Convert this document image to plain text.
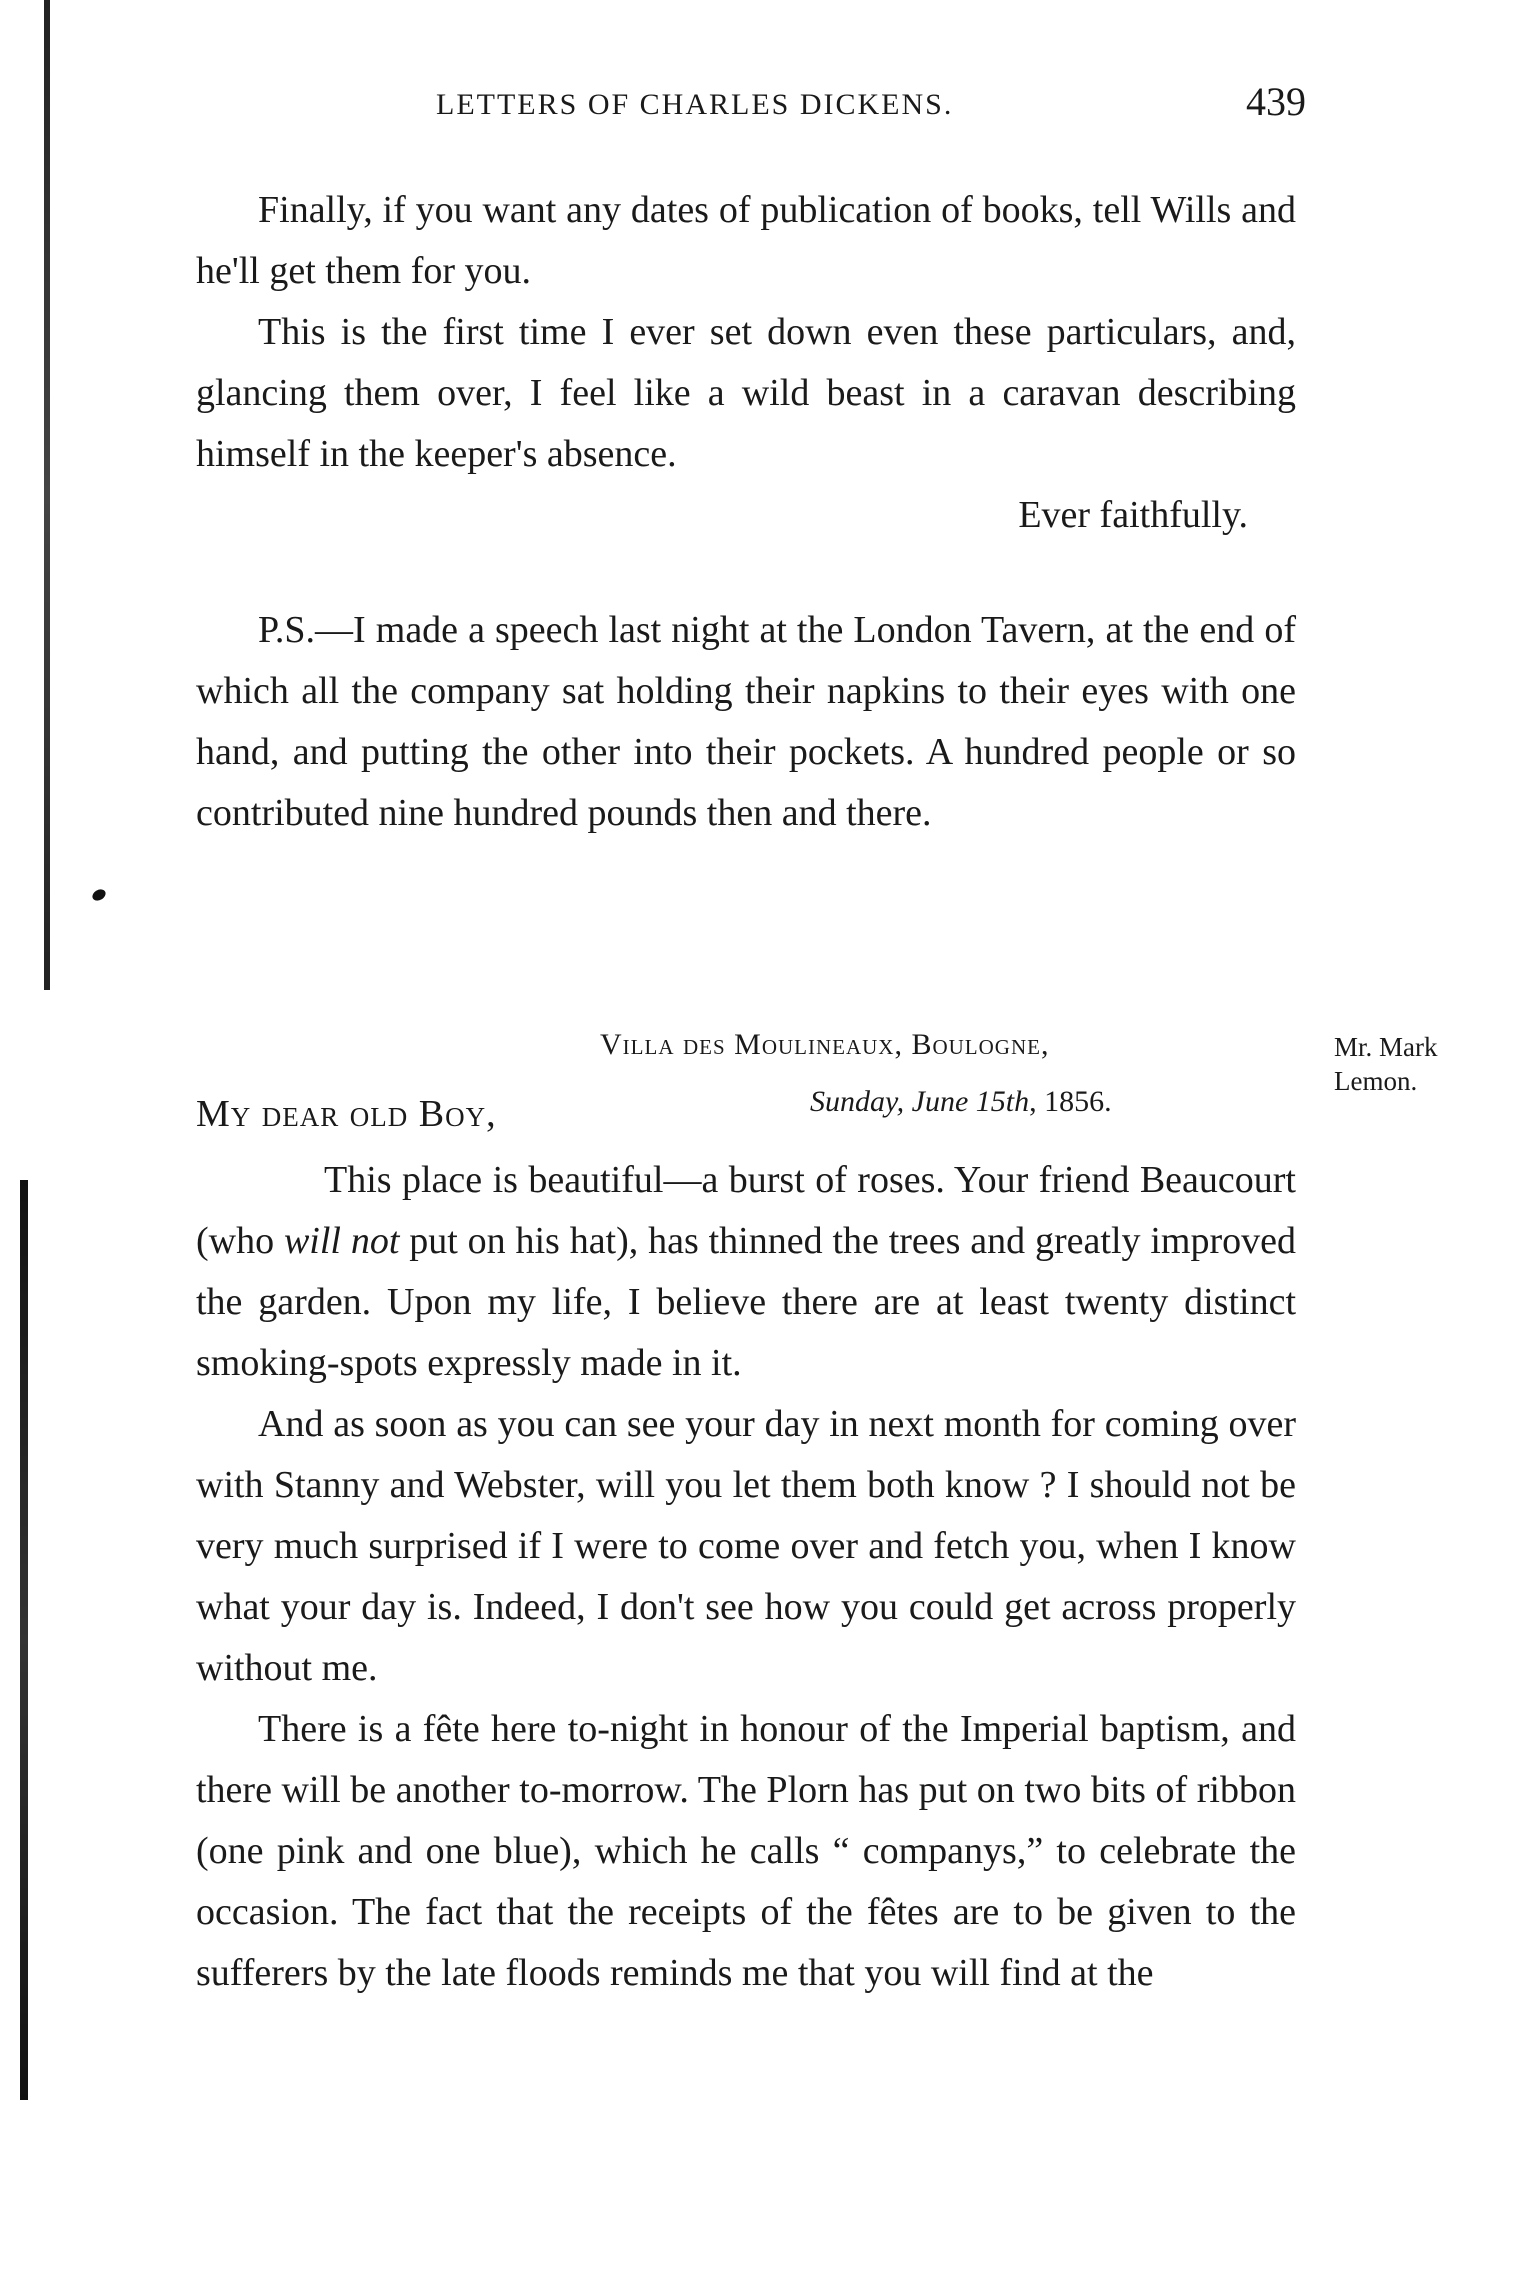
LETTERS OF CHARLES DICKENS.	439

Finally, if you want any dates of publication of books, tell Wills and he'll get them for you.

This is the first time I ever set down even these particulars, and, glancing them over, I feel like a wild beast in a caravan describing himself in the keeper's absence.

Ever faithfully.

P.S.—I made a speech last night at the London Tavern, at the end of which all the company sat holding their napkins to their eyes with one hand, and putting the other into their pockets. A hundred people or so contributed nine hundred pounds then and there.

Villa des Moulineaux, Boulogne,
Sunday, June 15th, 1856.
Mr. Mark Lemon.
My dear old Boy,

This place is beautiful—a burst of roses. Your friend Beaucourt (who will not put on his hat), has thinned the trees and greatly improved the garden. Upon my life, I believe there are at least twenty distinct smoking-spots expressly made in it.

And as soon as you can see your day in next month for coming over with Stanny and Webster, will you let them both know ? I should not be very much surprised if I were to come over and fetch you, when I know what your day is. Indeed, I don't see how you could get across properly without me.

There is a fête here to-night in honour of the Imperial baptism, and there will be another to-morrow. The Plorn has put on two bits of ribbon (one pink and one blue), which he calls “ companys,” to celebrate the occasion. The fact that the receipts of the fêtes are to be given to the sufferers by the late floods reminds me that you will find at the
